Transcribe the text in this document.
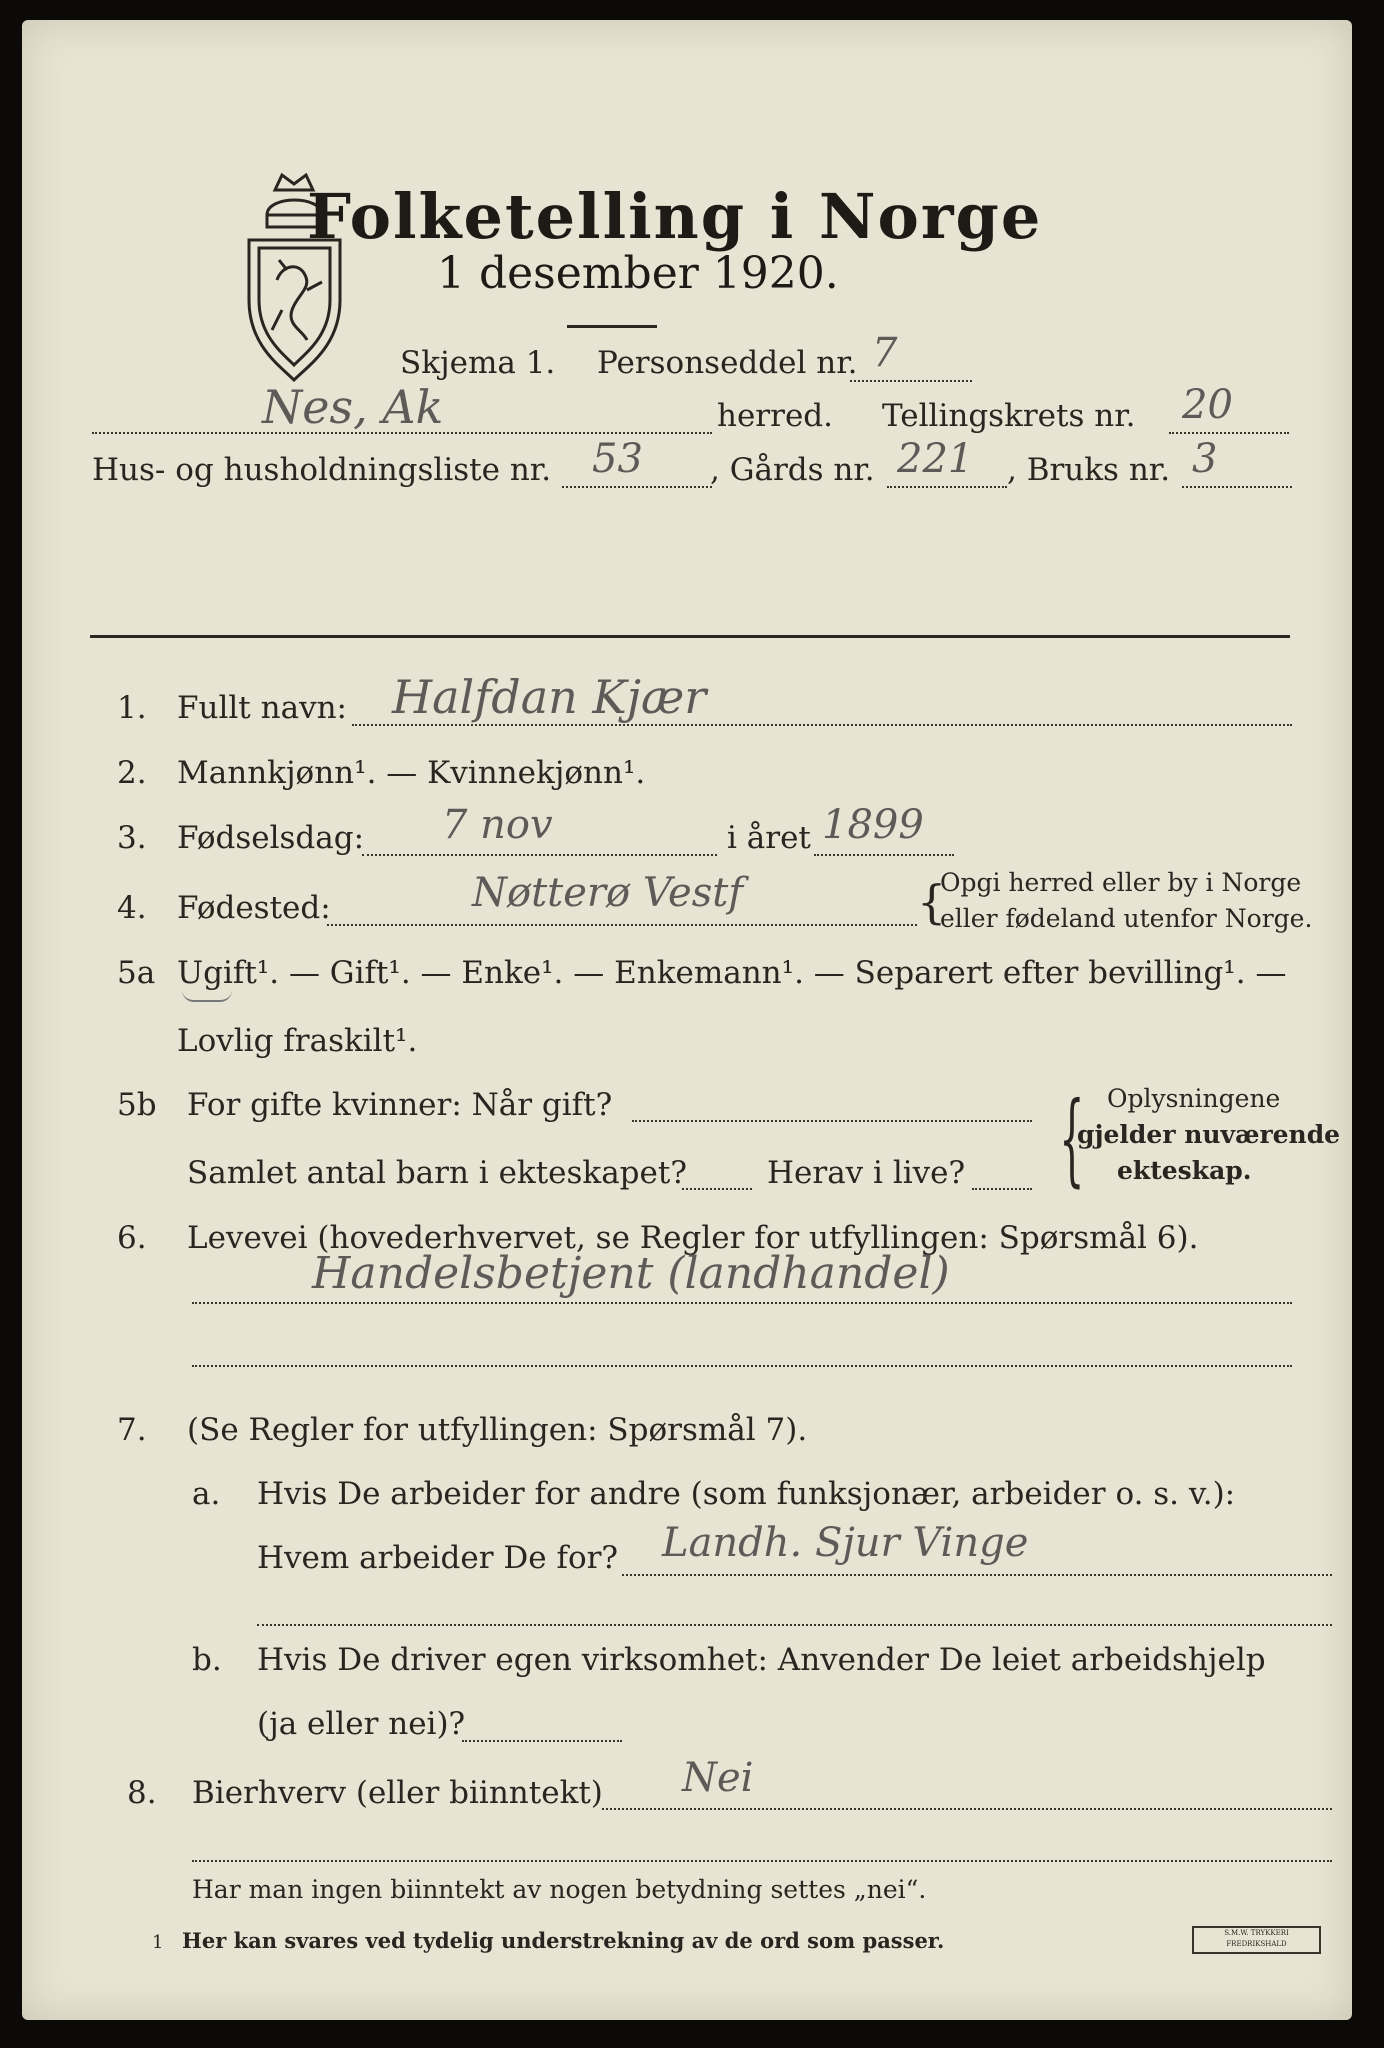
Folketelling i Norge
1 desember 1920.
Skjema 1. Personseddel nr. 7
Nes, Ak	herred. Tellingskrets nr. 20
Hus- og husholdningsliste nr. 53 , Gårds nr. 221 , Bruks nr. 3
1. Fullt navn: Halfdan Kjær
2. Mannkjønn¹. — Kvinnekjønn¹.
3. Fødselsdag: 7 nov	i året 1899
4. Fødested:	Nøtterø Vestf	{
Opgi herred eller by i Norge
eller fødeland utenfor Norge.
5a Ugift¹. — Gift¹. — Enke¹. — Enkemann¹. — Separert efter bevilling¹. —
Lovlig fraskilt¹.
5b For gifte kvinner: Når gift?
Samlet antal barn i ekteskapet?	Herav i live? { Oplysningene
gjelder nuværende
ekteskap.
6. Levevei (hovederhvervet, se Regler for utfyllingen: Spørsmål 6).
Handelsbetjent (landhandel)
7. (Se Regler for utfyllingen: Spørsmål 7).
a. Hvis De arbeider for andre (som funksjonær, arbeider o. s. v.):
Hvem arbeider De for? Landh. Sjur Vinge
b. Hvis De driver egen virksomhet: Anvender De leiet arbeidshjelp
(ja eller nei)?
8. Bierhverv (eller biinntekt) Nei
Har man ingen biinntekt av nogen betydning settes „nei“.
1 Her kan svares ved tydelig understrekning av de ord som passer.	S.M.W. TRYKKERI FREDRIKSHALD
